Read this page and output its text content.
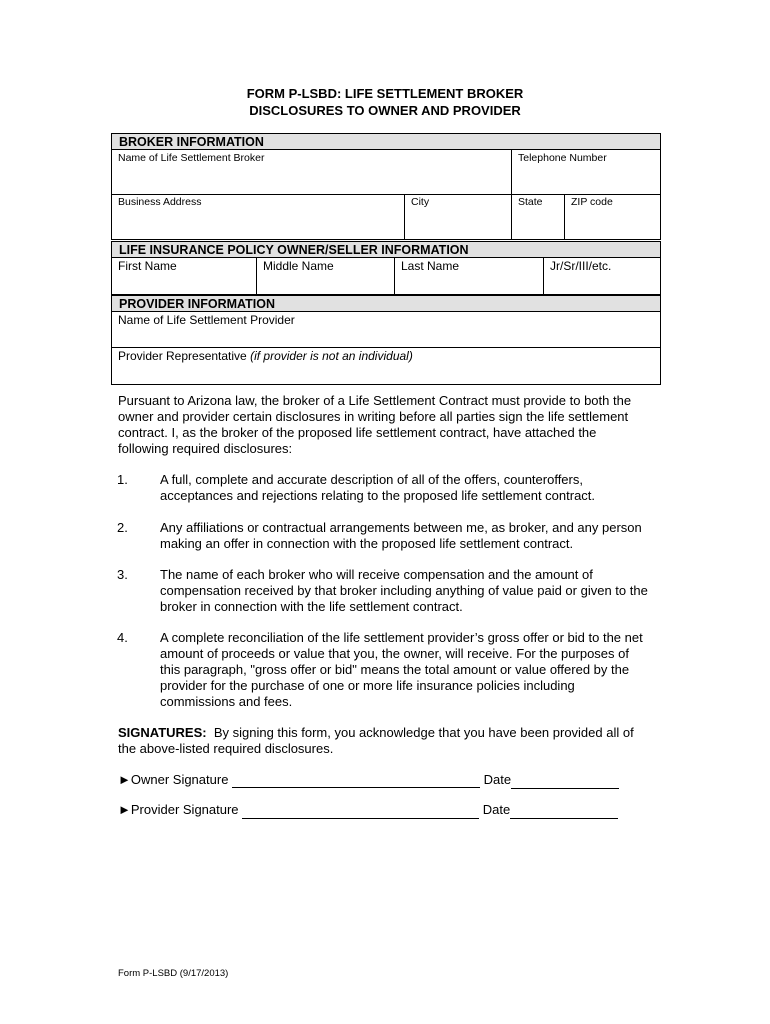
FORM P-LSBD: LIFE SETTLEMENT BROKER
DISCLOSURES TO OWNER AND PROVIDER
BROKER INFORMATION
Name of Life Settlement Broker	Telephone Number
Business Address	City	State	ZIP code
LIFE INSURANCE POLICY OWNER/SELLER INFORMATION
First Name	Middle Name	Last Name	Jr/Sr/III/etc.
PROVIDER INFORMATION
Name of Life Settlement Provider
Provider Representative (if provider is not an individual)
Pursuant to Arizona law, the broker of a Life Settlement Contract must provide to both the
owner and provider certain disclosures in writing before all parties sign the life settlement
contract. I, as the broker of the proposed life settlement contract, have attached the
following required disclosures:
1. A full, complete and accurate description of all of the offers, counteroffers,
acceptances and rejections relating to the proposed life settlement contract.
2. Any affiliations or contractual arrangements between me, as broker, and any person
making an offer in connection with the proposed life settlement contract.
3. The name of each broker who will receive compensation and the amount of
compensation received by that broker including anything of value paid or given to the
broker in connection with the life settlement contract.
4. A complete reconciliation of the life settlement provider’s gross offer or bid to the net
amount of proceeds or value that you, the owner, will receive. For the purposes of
this paragraph, "gross offer or bid" means the total amount or value offered by the
provider for the purchase of one or more life insurance policies including
commissions and fees.
SIGNATURES:  By signing this form, you acknowledge that you have been provided all of
the above-listed required disclosures.
►Owner Signature	Date
►Provider Signature	Date
Form P-LSBD (9/17/2013)
